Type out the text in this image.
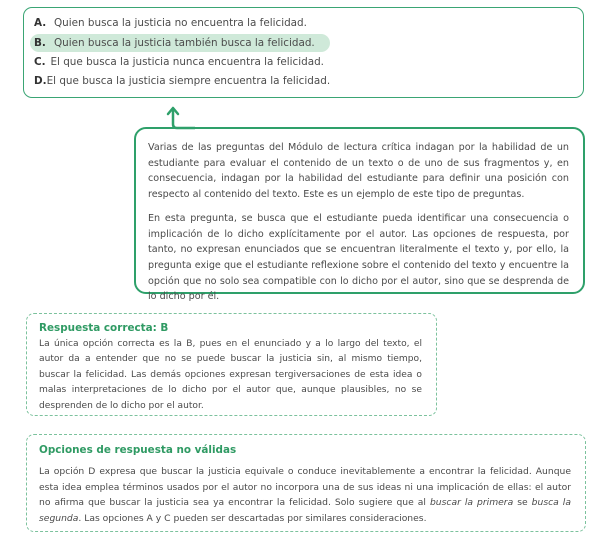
A. Quien busca la justicia no encuentra la felicidad.
B. Quien busca la justicia también busca la felicidad.
C. El que busca la justicia nunca encuentra la felicidad.
D. El que busca la justicia siempre encuentra la felicidad.

Varias de las preguntas del Módulo de lectura crítica indagan por la habilidad de un estudiante para evaluar el contenido de un texto o de uno de sus fragmentos y, en consecuencia, indagan por la habilidad del estudiante para definir una posición con respecto al contenido del texto. Este es un ejemplo de este tipo de preguntas.

En esta pregunta, se busca que el estudiante pueda identificar una consecuencia o implicación de lo dicho explícitamente por el autor. Las opciones de respuesta, por tanto, no expresan enunciados que se encuentran literalmente el texto y, por ello, la pregunta exige que el estudiante reflexione sobre el contenido del texto y encuentre la opción que no solo sea compatible con lo dicho por el autor, sino que se desprenda de lo dicho por él.

Respuesta correcta: B
La única opción correcta es la B, pues en el enunciado y a lo largo del texto, el autor da a entender que no se puede buscar la justicia sin, al mismo tiempo, buscar la felicidad. Las demás opciones expresan tergiversaciones de esta idea o malas interpretaciones de lo dicho por el autor que, aunque plausibles, no se desprenden de lo dicho por el autor.
Opciones de respuesta no válidas
La opción D expresa que buscar la justicia equivale o conduce inevitablemente a encontrar la felicidad. Aunque esta idea emplea términos usados por el autor no incorpora una de sus ideas ni una implicación de ellas: el autor no afirma que buscar la justicia sea ya encontrar la felicidad. Solo sugiere que al buscar la primera se busca la segunda. Las opciones A y C pueden ser descartadas por similares consideraciones.
